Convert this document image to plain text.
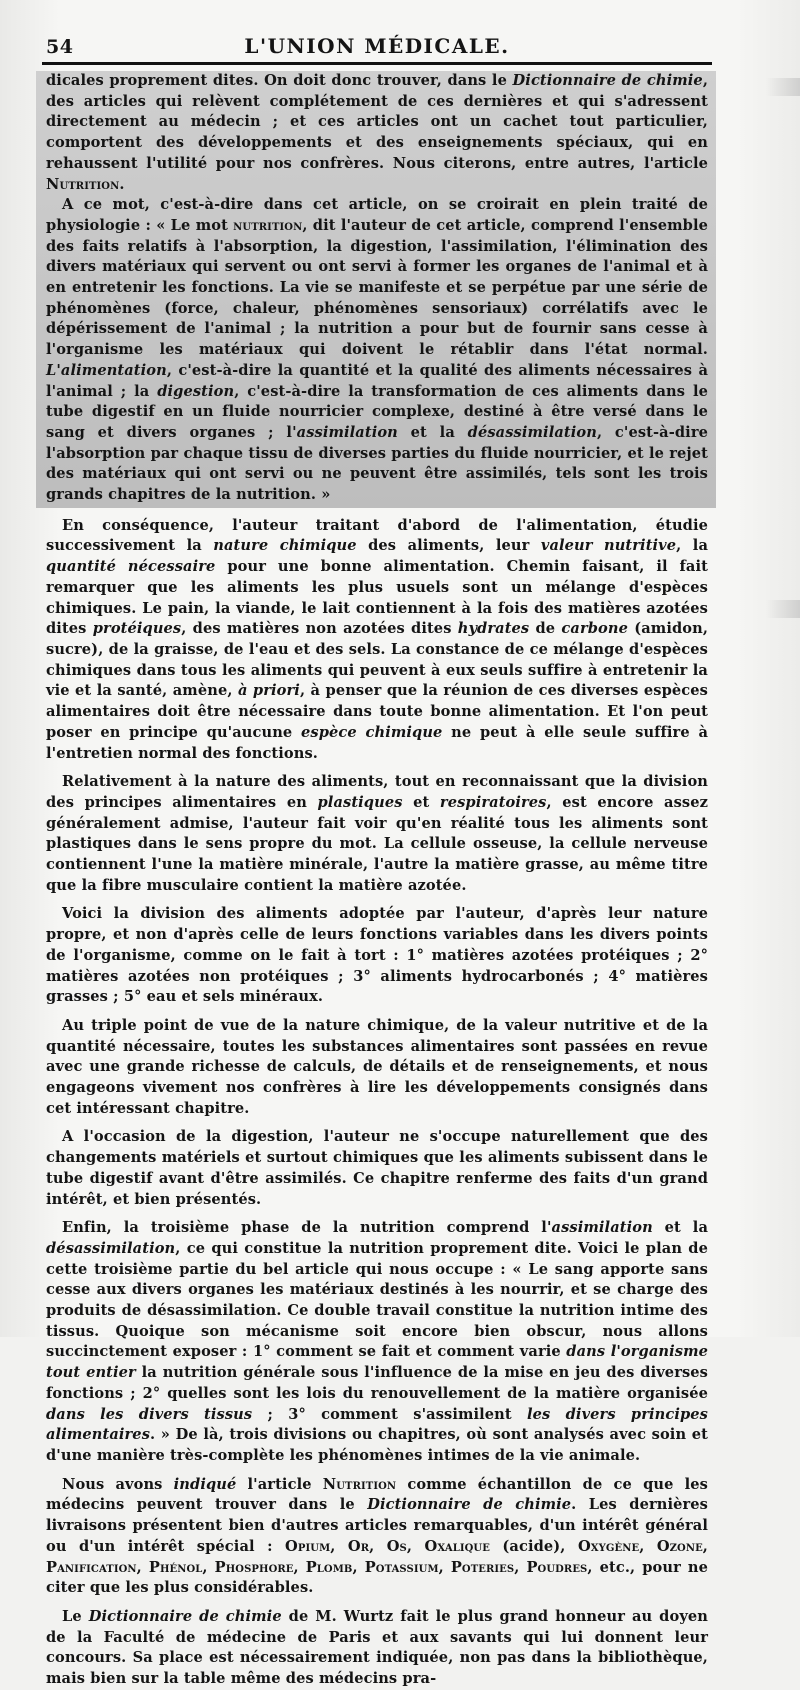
54	L'UNION MÉDICALE.

dicales proprement dites. On doit donc trouver, dans le Dictionnaire de chimie, des articles qui relèvent complétement de ces dernières et qui s'adressent directement au médecin ; et ces articles ont un cachet tout particulier, comportent des développements et des enseignements spéciaux, qui en rehaussent l'utilité pour nos confrères. Nous citerons, entre autres, l'article Nutrition.

A ce mot, c'est-à-dire dans cet article, on se croirait en plein traité de physiologie : « Le mot nutrition, dit l'auteur de cet article, comprend l'ensemble des faits relatifs à l'absorption, la digestion, l'assimilation, l'élimination des divers matériaux qui servent ou ont servi à former les organes de l'animal et à en entretenir les fonctions. La vie se manifeste et se perpétue par une série de phénomènes (force, chaleur, phénomènes sensoriaux) corrélatifs avec le dépérissement de l'animal ; la nutrition a pour but de fournir sans cesse à l'organisme les matériaux qui doivent le rétablir dans l'état normal. L'alimentation, c'est-à-dire la quantité et la qualité des aliments nécessaires à l'animal ; la digestion, c'est-à-dire la transformation de ces aliments dans le tube digestif en un fluide nourricier complexe, destiné à être versé dans le sang et divers organes ; l'assimilation et la désassimilation, c'est-à-dire l'absorption par chaque tissu de diverses parties du fluide nourricier, et le rejet des matériaux qui ont servi ou ne peuvent être assimilés, tels sont les trois grands chapitres de la nutrition. »

En conséquence, l'auteur traitant d'abord de l'alimentation, étudie successivement la nature chimique des aliments, leur valeur nutritive, la quantité nécessaire pour une bonne alimentation. Chemin faisant, il fait remarquer que les aliments les plus usuels sont un mélange d'espèces chimiques. Le pain, la viande, le lait contiennent à la fois des matières azotées dites protéiques, des matières non azotées dites hydrates de carbone (amidon, sucre), de la graisse, de l'eau et des sels. La constance de ce mélange d'espèces chimiques dans tous les aliments qui peuvent à eux seuls suffire à entretenir la vie et la santé, amène, à priori, à penser que la réunion de ces diverses espèces alimentaires doit être nécessaire dans toute bonne alimentation. Et l'on peut poser en principe qu'aucune espèce chimique ne peut à elle seule suffire à l'entretien normal des fonctions.

Relativement à la nature des aliments, tout en reconnaissant que la division des principes alimentaires en plastiques et respiratoires, est encore assez généralement admise, l'auteur fait voir qu'en réalité tous les aliments sont plastiques dans le sens propre du mot. La cellule osseuse, la cellule nerveuse contiennent l'une la matière minérale, l'autre la matière grasse, au même titre que la fibre musculaire contient la matière azotée.

Voici la division des aliments adoptée par l'auteur, d'après leur nature propre, et non d'après celle de leurs fonctions variables dans les divers points de l'organisme, comme on le fait à tort : 1° matières azotées protéiques ; 2° matières azotées non protéiques ; 3° aliments hydrocarbonés ; 4° matières grasses ; 5° eau et sels minéraux.

Au triple point de vue de la nature chimique, de la valeur nutritive et de la quantité nécessaire, toutes les substances alimentaires sont passées en revue avec une grande richesse de calculs, de détails et de renseignements, et nous engageons vivement nos confrères à lire les développements consignés dans cet intéressant chapitre.

A l'occasion de la digestion, l'auteur ne s'occupe naturellement que des changements matériels et surtout chimiques que les aliments subissent dans le tube digestif avant d'être assimilés. Ce chapitre renferme des faits d'un grand intérêt, et bien présentés.

Enfin, la troisième phase de la nutrition comprend l'assimilation et la désassimilation, ce qui constitue la nutrition proprement dite. Voici le plan de cette troisième partie du bel article qui nous occupe : « Le sang apporte sans cesse aux divers organes les matériaux destinés à les nourrir, et se charge des produits de désassimilation. Ce double travail constitue la nutrition intime des tissus. Quoique son mécanisme soit encore bien obscur, nous allons succinctement exposer : 1° comment se fait et comment varie dans l'organisme tout entier la nutrition générale sous l'influence de la mise en jeu des diverses fonctions ; 2° quelles sont les lois du renouvellement de la matière organisée dans les divers tissus ; 3° comment s'assimilent les divers principes alimentaires. » De là, trois divisions ou chapitres, où sont analysés avec soin et d'une manière très-complète les phénomènes intimes de la vie animale.

Nous avons indiqué l'article Nutrition comme échantillon de ce que les médecins peuvent trouver dans le Dictionnaire de chimie. Les dernières livraisons présentent bien d'autres articles remarquables, d'un intérêt général ou d'un intérêt spécial : Opium, Or, Os, Oxalique (acide), Oxygène, Ozone, Panification, Phénol, Phosphore, Plomb, Potassium, Poteries, Poudres, etc., pour ne citer que les plus considérables.

Le Dictionnaire de chimie de M. Wurtz fait le plus grand honneur au doyen de la Faculté de médecine de Paris et aux savants qui lui donnent leur concours. Sa place est nécessairement indiquée, non pas dans la bibliothèque, mais bien sur la table même des médecins pra-
